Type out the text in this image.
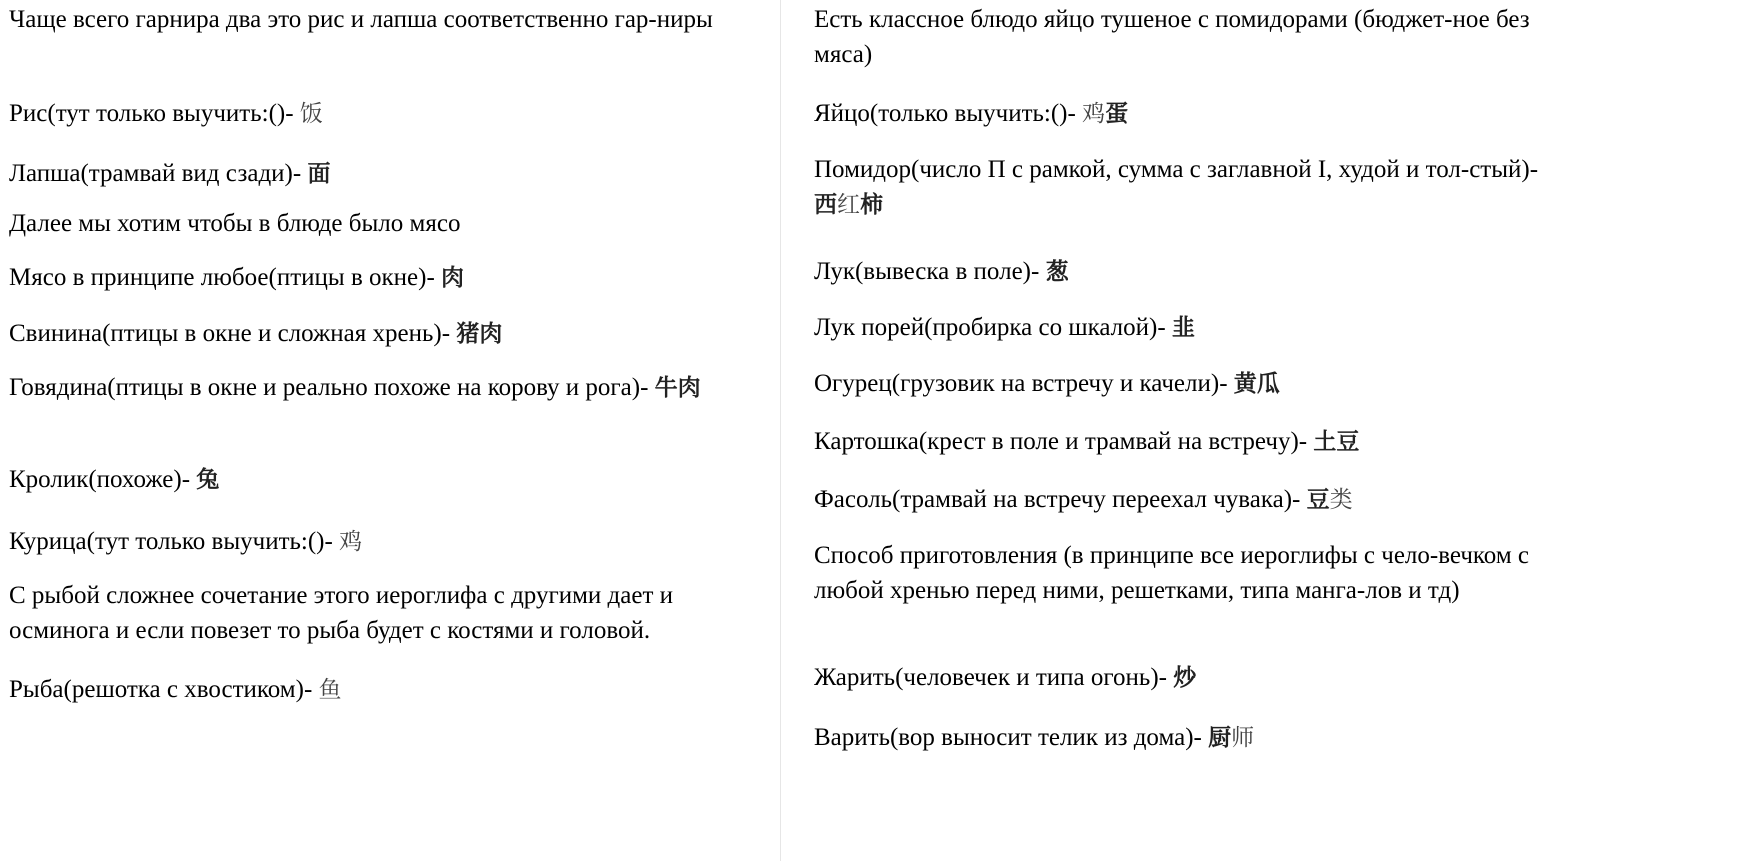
Чаще всего гарнира два это рис и лапша соответственно гар-ниры

Рис(тут только выучить:()- 饭

Лапша(трамвай вид сзади)- 面

Далее мы хотим чтобы в блюде было мясо

Мясо в принципе любое(птицы в окне)- 肉

Свинина(птицы в окне и сложная хрень)- 猪肉

Говядина(птицы в окне и реально похоже на корову и рога)- 牛肉

Кролик(похоже)- 兔

Курица(тут только выучить:()- 鸡

С рыбой сложнее сочетание этого иероглифа с другими дает и осминога и если повезет то рыба будет с костями и головой.

Рыба(решотка с хвостиком)- 鱼

Есть классное блюдо яйцо тушеное с помидорами (бюджет-ное без мяса)

Яйцо(только выучить:()- 鸡蛋

Помидор(число П с рамкой, сумма с заглавной I, худой и тол-стый)- 西红柿

Лук(вывеска в поле)- 葱

Лук порей(пробирка со шкалой)- 韭

Огурец(грузовик на встречу и качели)- 黄瓜

Картошка(крест в поле и трамвай на встречу)- 土豆

Фасоль(трамвай на встречу переехал чувака)- 豆类

Способ приготовления (в принципе все иероглифы с чело-вечком с любой хренью перед ними, решетками, типа манга-лов и тд)

Жарить(человечек и типа огонь)- 炒

Варить(вор выносит телик из дома)- 厨师
